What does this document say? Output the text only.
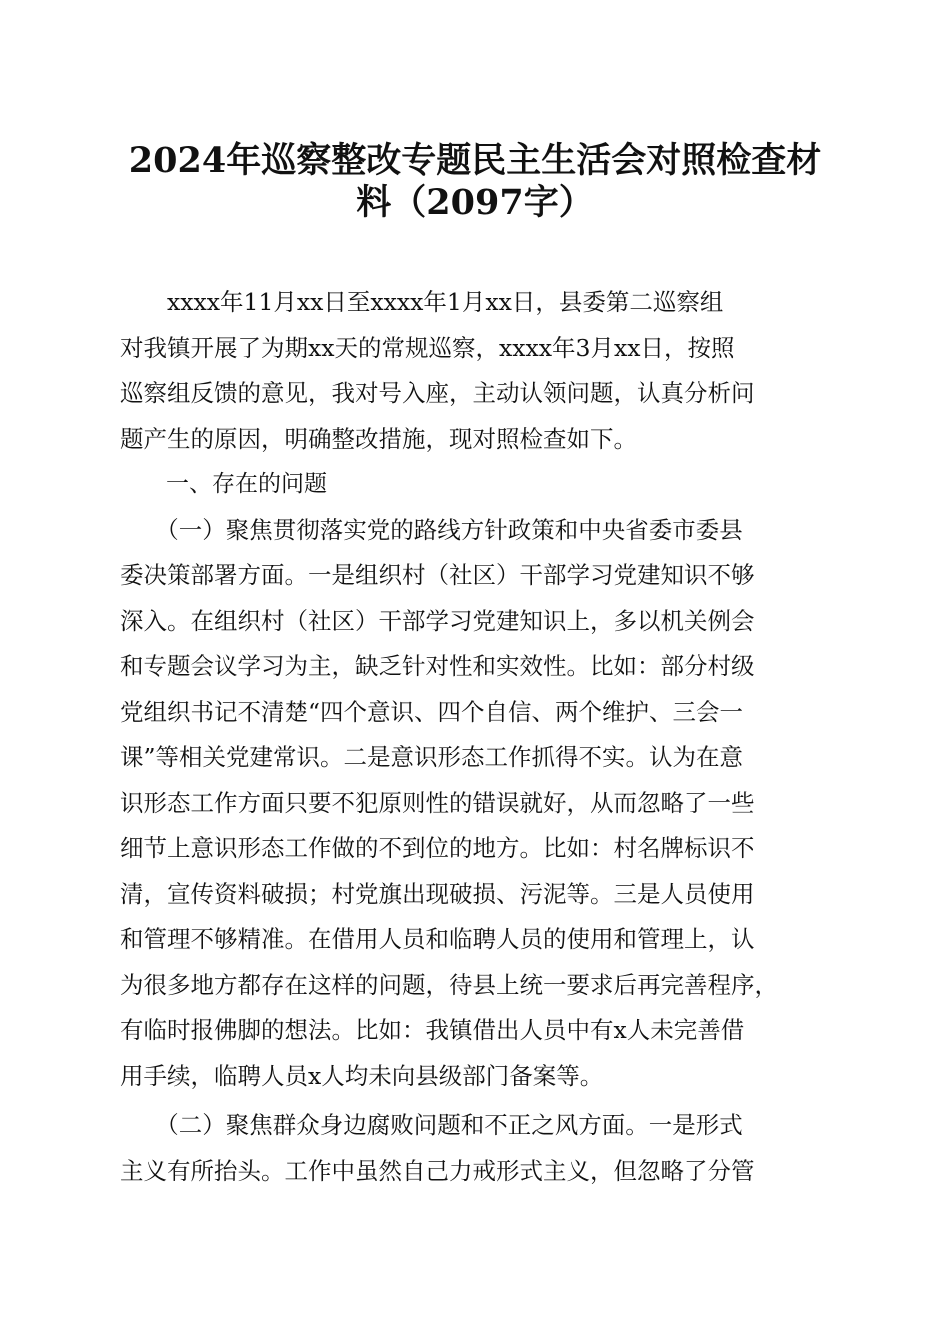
2024年巡察整改专题民主生活会对照检查材
料（2097字）
　　xxxx年11月xx日至xxxx年1月xx日，县委第二巡察组
对我镇开展了为期xx天的常规巡察，xxxx年3月xx日，按照
巡察组反馈的意见，我对号入座，主动认领问题，认真分析问
题产生的原因，明确整改措施，现对照检查如下。
　　一、存在的问题
　　（一）聚焦贯彻落实党的路线方针政策和中央省委市委县
委决策部署方面。一是组织村（社区）干部学习党建知识不够
深入。在组织村（社区）干部学习党建知识上，多以机关例会
和专题会议学习为主，缺乏针对性和实效性。比如：部分村级
党组织书记不清楚“四个意识、四个自信、两个维护、三会一
课”等相关党建常识。二是意识形态工作抓得不实。认为在意
识形态工作方面只要不犯原则性的错误就好，从而忽略了一些
细节上意识形态工作做的不到位的地方。比如：村名牌标识不
清，宣传资料破损；村党旗出现破损、污泥等。三是人员使用
和管理不够精准。在借用人员和临聘人员的使用和管理上，认
为很多地方都存在这样的问题，待县上统一要求后再完善程序，
有临时报佛脚的想法。比如：我镇借出人员中有x人未完善借
用手续，临聘人员x人均未向县级部门备案等。
　　（二）聚焦群众身边腐败问题和不正之风方面。一是形式
主义有所抬头。工作中虽然自己力戒形式主义，但忽略了分管
